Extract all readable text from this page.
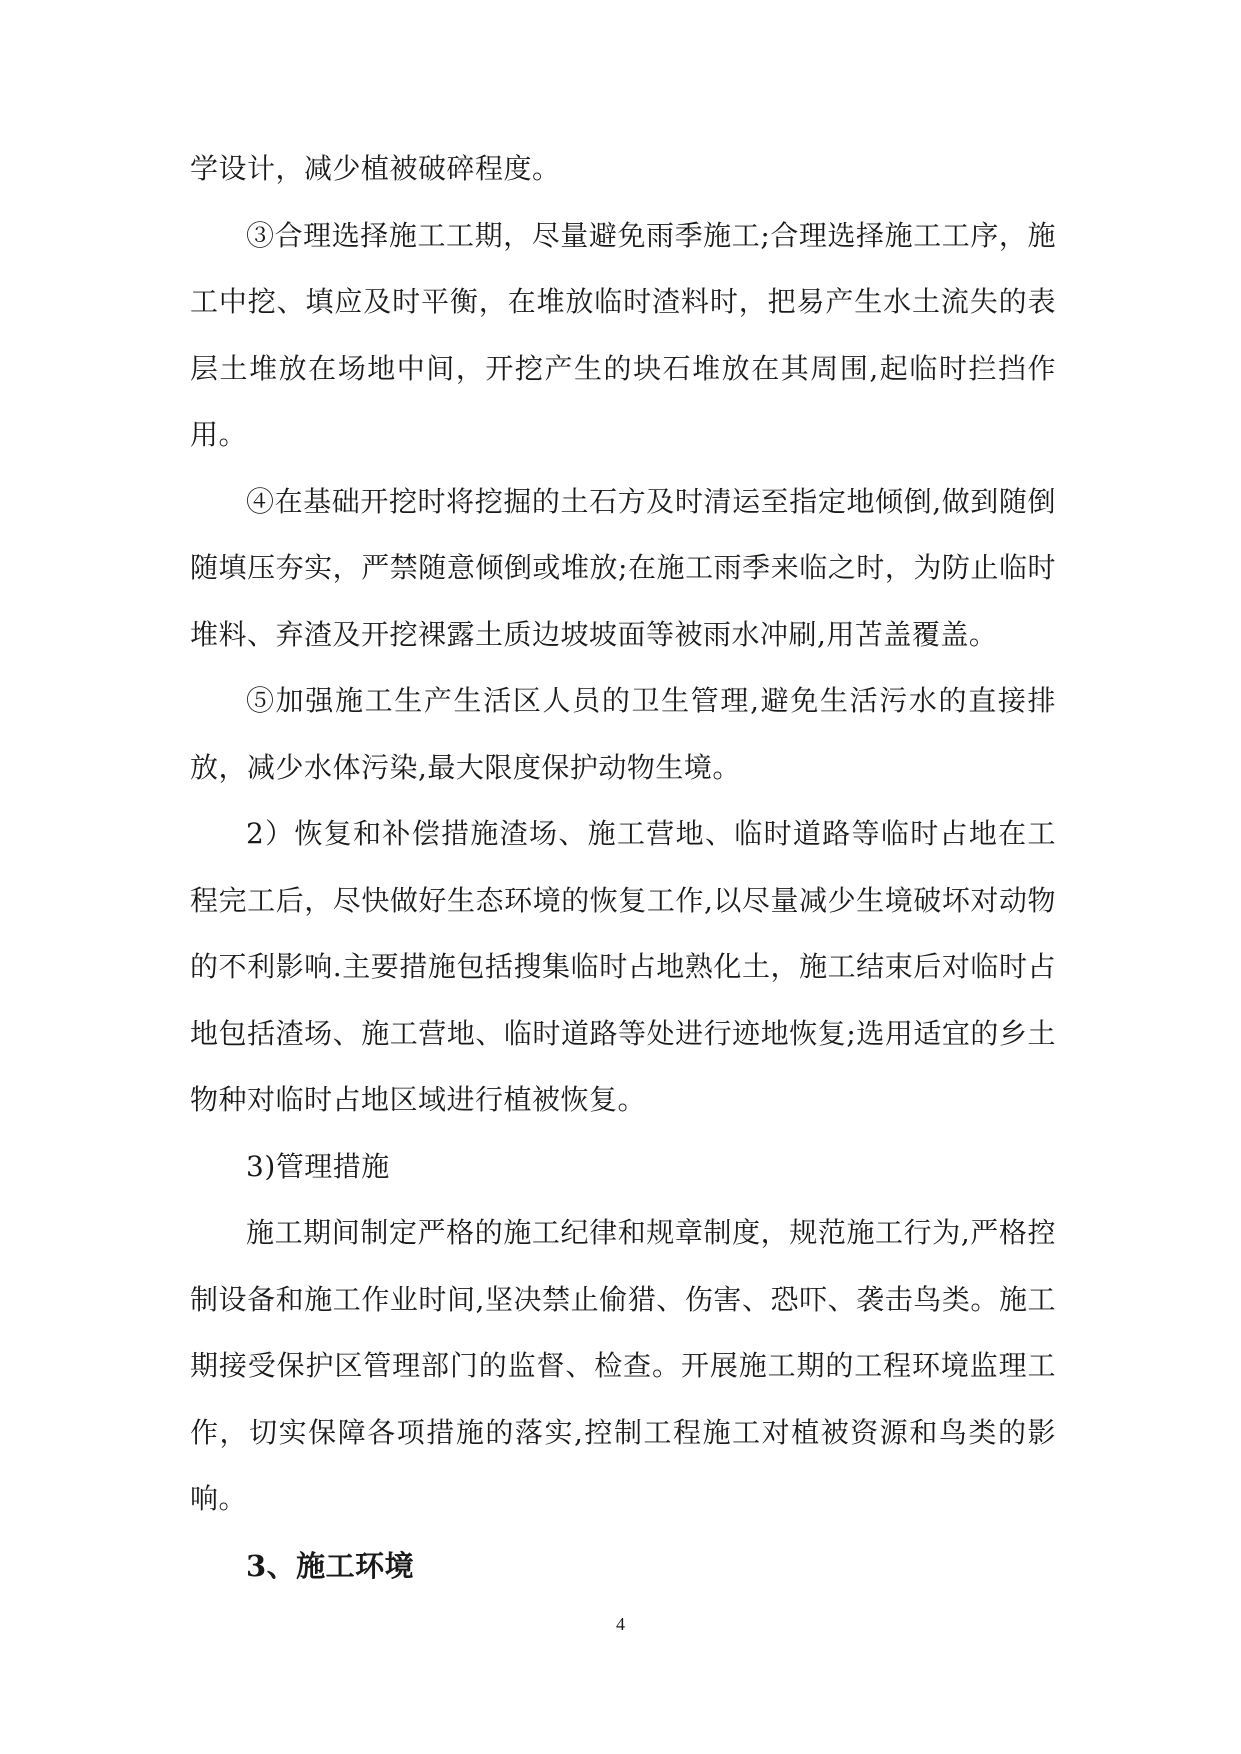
学设计，减少植被破碎程度。

③合理选择施工工期，尽量避免雨季施工;合理选择施工工序，施工中挖、填应及时平衡，在堆放临时渣料时，把易产生水土流失的表层土堆放在场地中间，开挖产生的块石堆放在其周围,起临时拦挡作用。

④在基础开挖时将挖掘的土石方及时清运至指定地倾倒,做到随倒随填压夯实，严禁随意倾倒或堆放;在施工雨季来临之时，为防止临时堆料、弃渣及开挖裸露土质边坡坡面等被雨水冲刷,用苫盖覆盖。

⑤加强施工生产生活区人员的卫生管理,避免生活污水的直接排放，减少水体污染,最大限度保护动物生境。

2）恢复和补偿措施渣场、施工营地、临时道路等临时占地在工程完工后，尽快做好生态环境的恢复工作,以尽量减少生境破坏对动物的不利影响.主要措施包括搜集临时占地熟化土，施工结束后对临时占地包括渣场、施工营地、临时道路等处进行迹地恢复;选用适宜的乡土物种对临时占地区域进行植被恢复。

3)管理措施

施工期间制定严格的施工纪律和规章制度，规范施工行为,严格控制设备和施工作业时间,坚决禁止偷猎、伤害、恐吓、袭击鸟类。施工期接受保护区管理部门的监督、检查。开展施工期的工程环境监理工作，切实保障各项措施的落实,控制工程施工对植被资源和鸟类的影响。

3、施工环境

4
